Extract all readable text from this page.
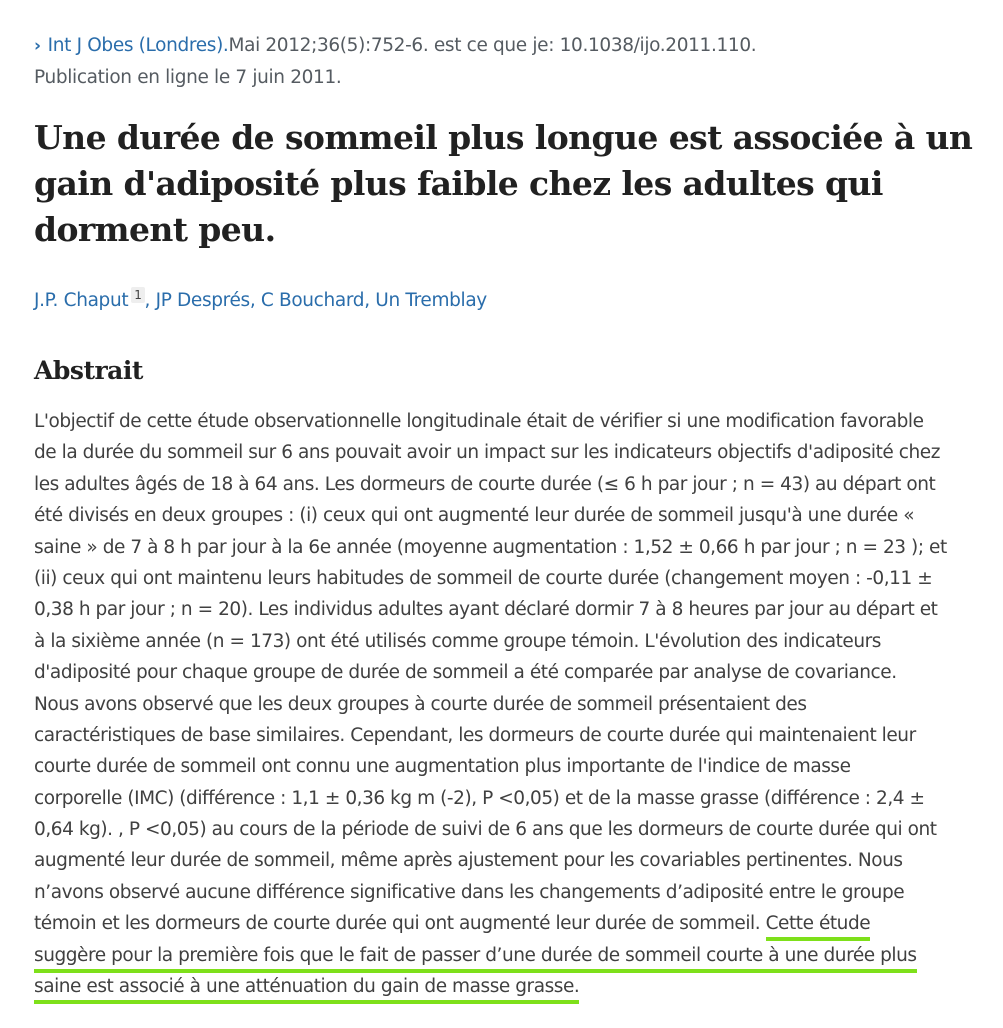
› Int J Obes (Londres).Mai 2012;36(5):752-6. est ce que je: 10.1038/ijo.2011.110.
Publication en ligne le 7 juin 2011.
Une durée de sommeil plus longue est associée à un
gain d'adiposité plus faible chez les adultes qui
dorment peu.
J.P. Chaput 1 , JP Després, C Bouchard, Un Tremblay
Abstrait
L'objectif de cette étude observationnelle longitudinale était de vérifier si une modification favorable
de la durée du sommeil sur 6 ans pouvait avoir un impact sur les indicateurs objectifs d'adiposité chez
les adultes âgés de 18 à 64 ans. Les dormeurs de courte durée (≤ 6 h par jour ; n = 43) au départ ont
été divisés en deux groupes : (i) ceux qui ont augmenté leur durée de sommeil jusqu'à une durée «
saine » de 7 à 8 h par jour à la 6e année (moyenne augmentation : 1,52 ± 0,66 h par jour ; n = 23 ); et
(ii) ceux qui ont maintenu leurs habitudes de sommeil de courte durée (changement moyen : -0,11 ±
0,38 h par jour ; n = 20). Les individus adultes ayant déclaré dormir 7 à 8 heures par jour au départ et
à la sixième année (n = 173) ont été utilisés comme groupe témoin. L'évolution des indicateurs
d'adiposité pour chaque groupe de durée de sommeil a été comparée par analyse de covariance.
Nous avons observé que les deux groupes à courte durée de sommeil présentaient des
caractéristiques de base similaires. Cependant, les dormeurs de courte durée qui maintenaient leur
courte durée de sommeil ont connu une augmentation plus importante de l'indice de masse
corporelle (IMC) (différence : 1,1 ± 0,36 kg m (-2), P <0,05) et de la masse grasse (différence : 2,4 ±
0,64 kg). , P <0,05) au cours de la période de suivi de 6 ans que les dormeurs de courte durée qui ont
augmenté leur durée de sommeil, même après ajustement pour les covariables pertinentes. Nous
n’avons observé aucune différence significative dans les changements d’adiposité entre le groupe
témoin et les dormeurs de courte durée qui ont augmenté leur durée de sommeil. Cette étude
suggère pour la première fois que le fait de passer d’une durée de sommeil courte à une durée plus
saine est associé à une atténuation du gain de masse grasse.
